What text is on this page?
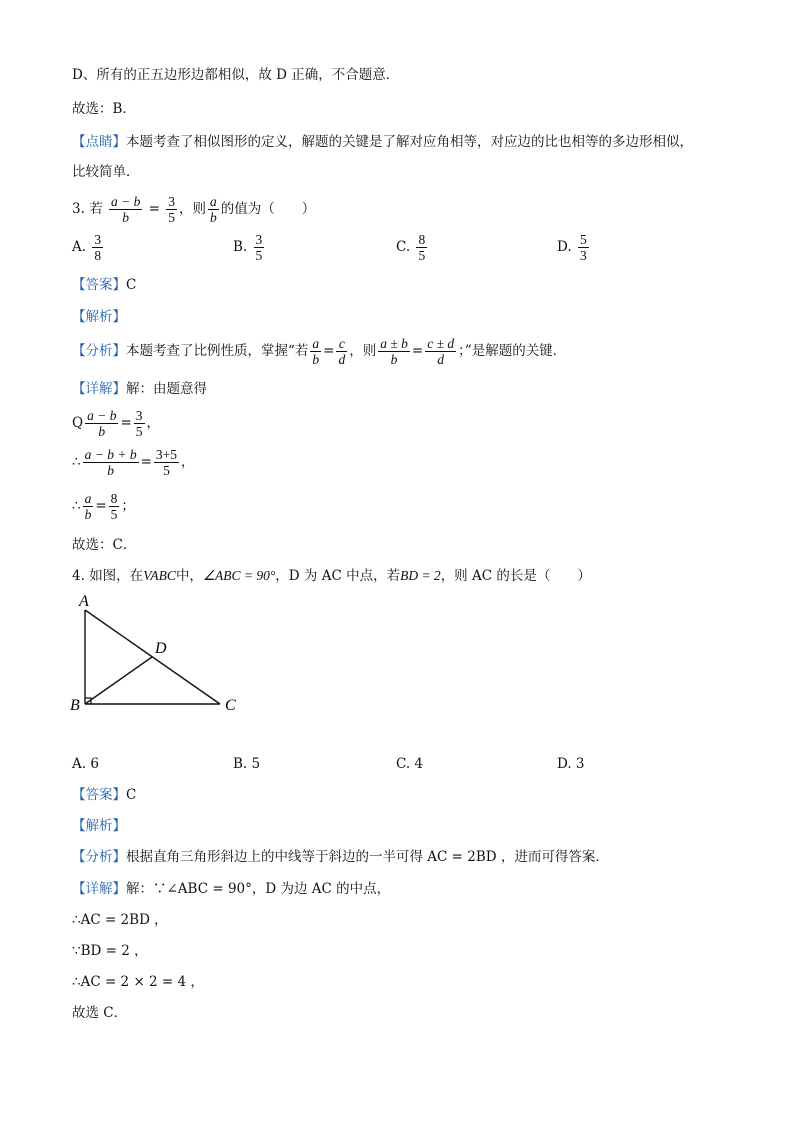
D、所有的正五边形边都相似，故 D 正确，不合题意．
故选：B．
【点睛】本题考查了相似图形的定义，解题的关键是了解对应角相等，对应边的比也相等的多边形相似，
比较简单．
3. 若 $\frac{a - b}{b} = \frac{3}{5}$ ，则 $\frac{a}{b}$ 的值为（　　）
A. $\frac{3}{8}$	B. $\frac{3}{5}$	C. $\frac{8}{5}$	D. $\frac{5}{3}$
【答案】C
【解析】
【分析】本题考查了比例性质，掌握“若 $\frac{a}{b} = \frac{c}{d}$ ，则 $\frac{a \pm b}{b} = \frac{c \pm d}{d}$ ；”是解题的关键．
【详解】解：由题意得
Q $\frac{a - b}{b} = \frac{3}{5}$ ，
∴ $\frac{a - b + b}{b} = \frac{3+5}{5}$ ，
∴ $\frac{a}{b} = \frac{8}{5}$ ；
故选：C．
4. 如图，在VABC中，∠ABC = 90°，D 为 AC 中点，若BD = 2，则 AC 的长是（　　）
A
B	C
D
A. 6	B. 5	C. 4	D. 3
【答案】C
【解析】
【分析】根据直角三角形斜边上的中线等于斜边的一半可得 AC = 2BD ，进而可得答案．
【详解】解：∵∠ABC = 90°，D 为边 AC 的中点，
∴AC = 2BD ，
∵BD = 2 ，
∴AC = 2 × 2 = 4 ，
故选 C．
